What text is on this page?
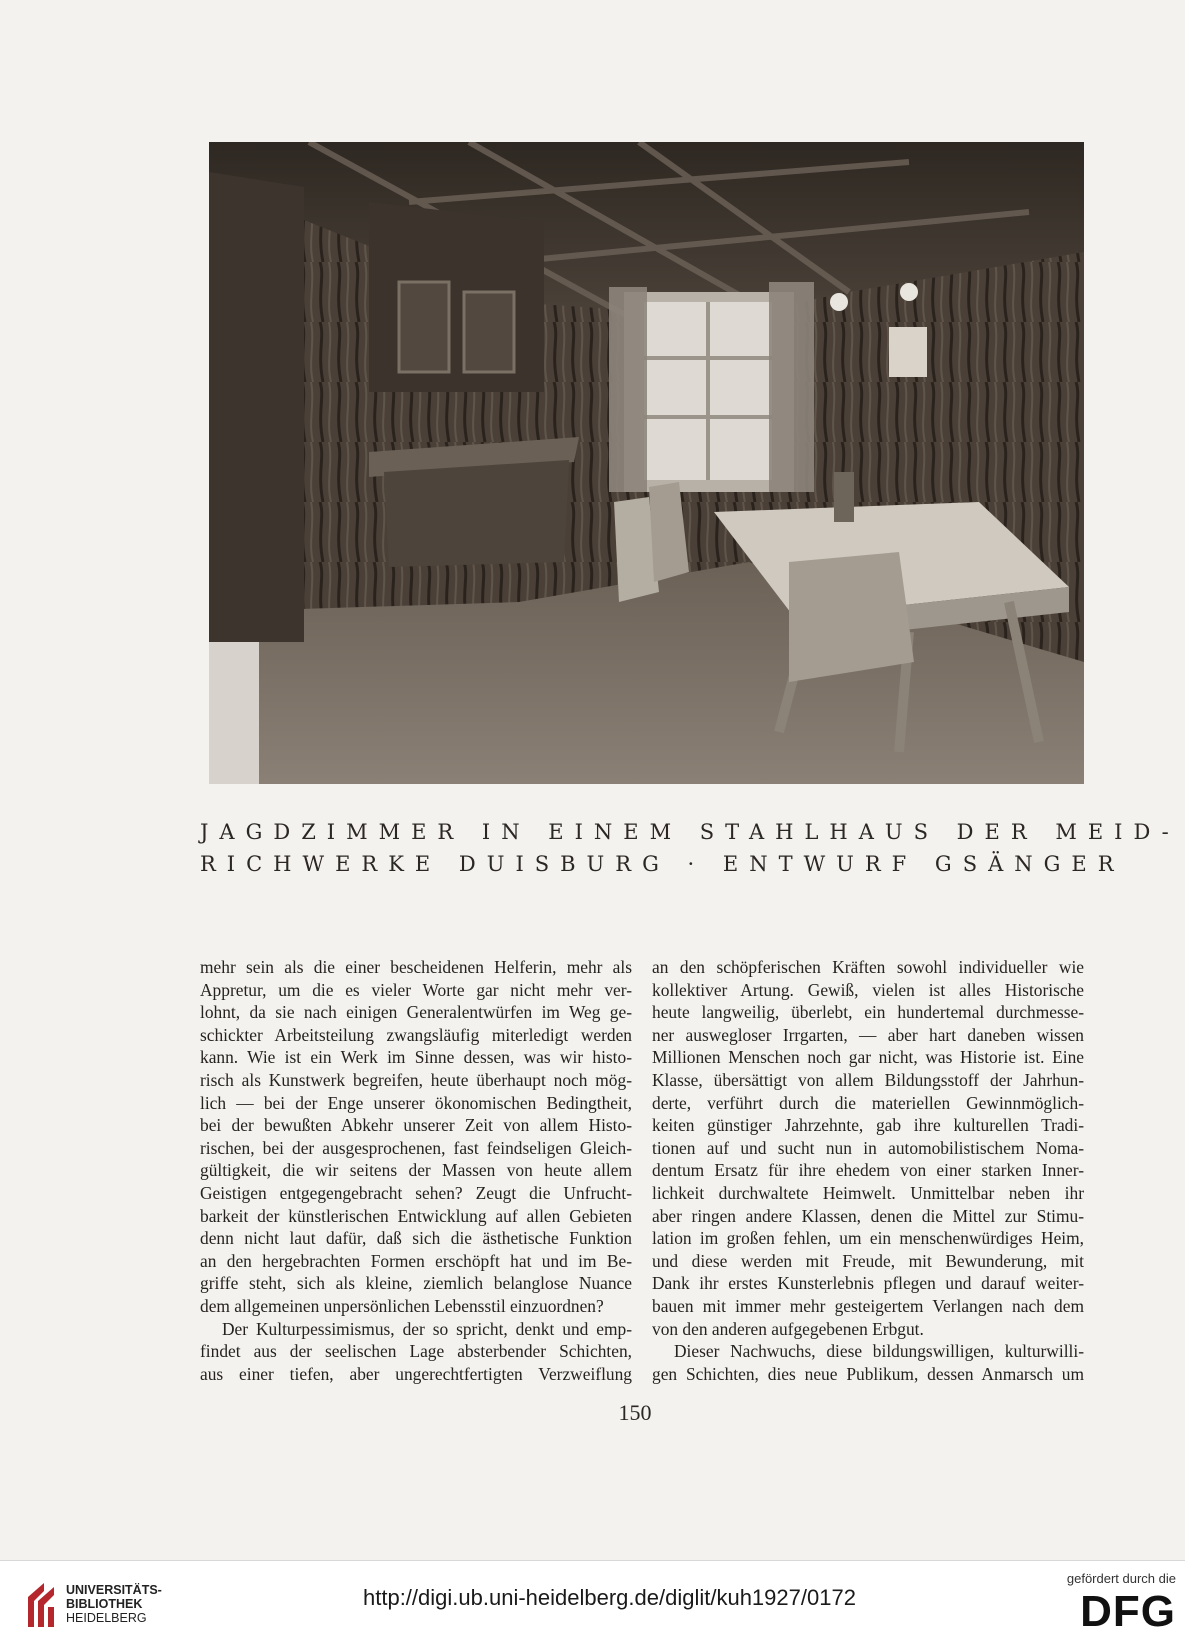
JAGDZIMMER IN EINEM STAHLHAUS DER MEID-
RICHWERKE DUISBURG · ENTWURF GSÄNGER
mehr sein als die einer bescheidenen Helferin, mehr als
Appretur, um die es vieler Worte gar nicht mehr ver-
lohnt, da sie nach einigen Generalentwürfen im Weg ge-
schickter Arbeitsteilung zwangsläufig miterledigt werden
kann. Wie ist ein Werk im Sinne dessen, was wir histo-
risch als Kunstwerk begreifen, heute überhaupt noch mög-
lich — bei der Enge unserer ökonomischen Bedingtheit,
bei der bewußten Abkehr unserer Zeit von allem Histo-
rischen, bei der ausgesprochenen, fast feindseligen Gleich-
gültigkeit, die wir seitens der Massen von heute allem
Geistigen entgegengebracht sehen? Zeugt die Unfrucht-
barkeit der künstlerischen Entwicklung auf allen Gebieten
denn nicht laut dafür, daß sich die ästhetische Funktion
an den hergebrachten Formen erschöpft hat und im Be-
griffe steht, sich als kleine, ziemlich belanglose Nuance
dem allgemeinen unpersönlichen Lebensstil einzuordnen?
Der Kulturpessimismus, der so spricht, denkt und emp-
findet aus der seelischen Lage absterbender Schichten,
aus einer tiefen, aber ungerechtfertigten Verzweiflung
an den schöpferischen Kräften sowohl individueller wie
kollektiver Artung. Gewiß, vielen ist alles Historische
heute langweilig, überlebt, ein hundertemal durchmesse-
ner auswegloser Irrgarten, — aber hart daneben wissen
Millionen Menschen noch gar nicht, was Historie ist. Eine
Klasse, übersättigt von allem Bildungsstoff der Jahrhun-
derte, verführt durch die materiellen Gewinnmöglich-
keiten günstiger Jahrzehnte, gab ihre kulturellen Tradi-
tionen auf und sucht nun in automobilistischem Noma-
dentum Ersatz für ihre ehedem von einer starken Inner-
lichkeit durchwaltete Heimwelt. Unmittelbar neben ihr
aber ringen andere Klassen, denen die Mittel zur Stimu-
lation im großen fehlen, um ein menschenwürdiges Heim,
und diese werden mit Freude, mit Bewunderung, mit
Dank ihr erstes Kunsterlebnis pflegen und darauf weiter-
bauen mit immer mehr gesteigertem Verlangen nach dem
von den anderen aufgegebenen Erbgut.
Dieser Nachwuchs, diese bildungswilligen, kulturwilli-
gen Schichten, dies neue Publikum, dessen Anmarsch um
150
UNIVERSITÄTS-
BIBLIOTHEK
HEIDELBERG
http://digi.ub.uni-heidelberg.de/diglit/kuh1927/0172
gefördert durch die
DFG
